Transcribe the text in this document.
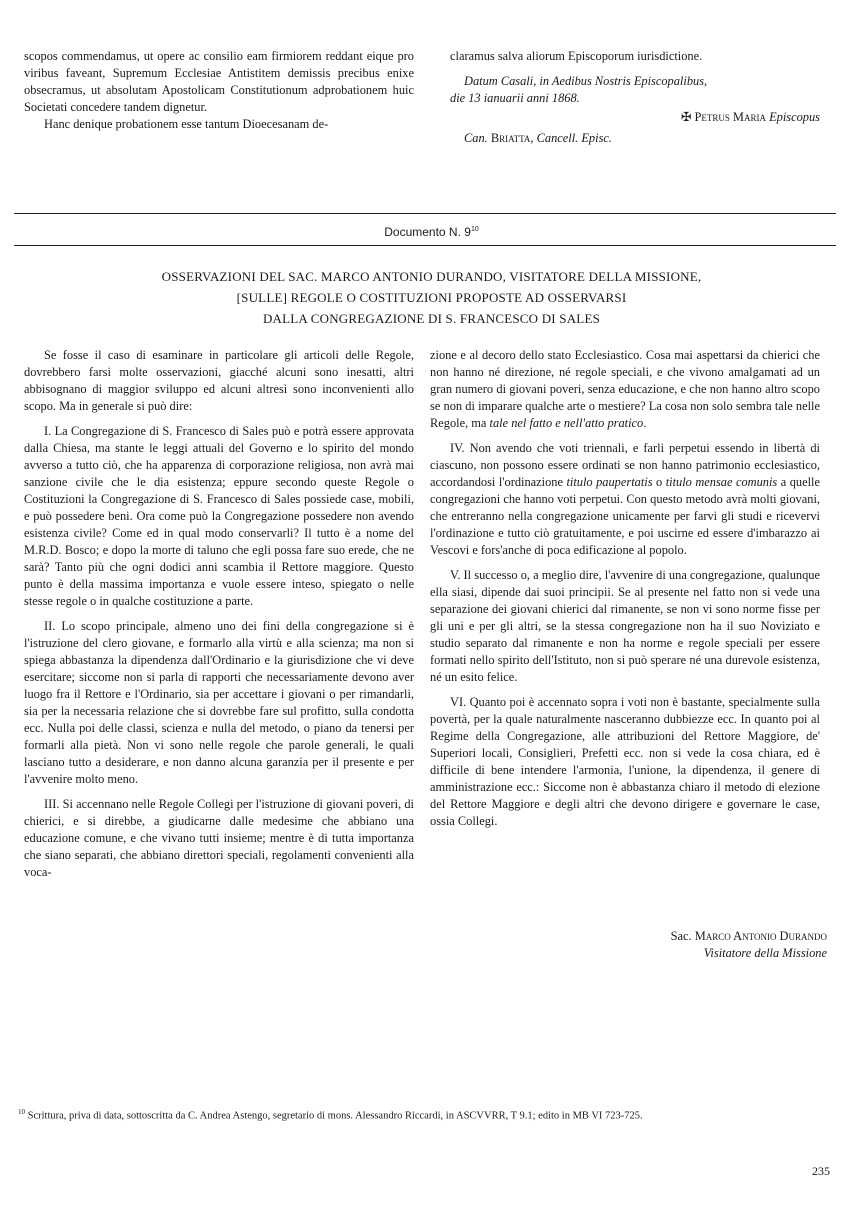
scopos commendamus, ut opere ac consilio eam firmiorem reddant eique pro viribus faveant, Supremum Ecclesiae Antistitem demissis precibus enixe obsecramus, ut absolutam Apostolicam Constitutionum adprobationem huic Societati concedere tandem dignetur.

Hanc denique probationem esse tantum Dioecesanam de-

claramus salva aliorum Episcoporum iurisdictione.
Datum Casali, in Aedibus Nostris Episcopalibus,
die 13 ianuarii anni 1868.
✠ Petrus Maria Episcopus
Can. Briatta, Cancell. Episc.
Documento N. $9^{10}$
OSSERVAZIONI DEL SAC. MARCO ANTONIO DURANDO, VISITATORE DELLA MISSIONE,
[SULLE] REGOLE O COSTITUZIONI PROPOSTE AD OSSERVARSI
DALLA CONGREGAZIONE DI S. FRANCESCO DI SALES

Se fosse il caso di esaminare in particolare gli articoli delle Regole, dovrebbero farsi molte osservazioni, giacché alcuni sono inesatti, altri abbisognano di maggior sviluppo ed alcuni altresì sono inconvenienti allo scopo. Ma in generale si può dire:

I. La Congregazione di S. Francesco di Sales può e potrà essere approvata dalla Chiesa, ma stante le leggi attuali del Governo e lo spirito del mondo avverso a tutto ciò, che ha apparenza di corporazione religiosa, non avrà mai sanzione civile che le dia esistenza; eppure secondo queste Regole o Costituzioni la Congregazione di S. Francesco di Sales possiede case, mobili, e può possedere beni. Ora come può la Congregazione possedere non avendo esistenza civile? Come ed in qual modo conservarli? Il tutto è a nome del M.R.D. Bosco; e dopo la morte di taluno che egli possa fare suo erede, che ne sarà? Tanto più che ogni dodici anni scambia il Rettore maggiore. Questo punto è della massima importanza e vuole essere inteso, spiegato o nelle stesse regole o in qualche costituzione a parte.

II. Lo scopo principale, almeno uno dei fini della congregazione si è l'istruzione del clero giovane, e formarlo alla virtù e alla scienza; ma non si spiega abbastanza la dipendenza dall'Ordinario e la giurisdizione che vi deve esercitare; siccome non si parla di rapporti che necessariamente devono aver luogo fra il Rettore e l'Ordinario, sia per accettare i giovani o per rimandarli, sia per la necessaria relazione che si dovrebbe fare sul profitto, sulla condotta ecc. Nulla poi delle classi, scienza e nulla del metodo, o piano da tenersi per formarli alla pietà. Non vi sono nelle regole che parole generali, le quali lasciano tutto a desiderare, e non danno alcuna garanzia per il presente e per l'avvenire molto meno.

III. Si accennano nelle Regole Collegi per l'istruzione di giovani poveri, di chierici, e si direbbe, a giudicarne dalle medesime che abbiano una educazione comune, e che vivano tutti insieme; mentre è di tutta importanza che siano separati, che abbiano direttori speciali, regolamenti convenienti alla voca-

zione e al decoro dello stato Ecclesiastico. Cosa mai aspettarsi da chierici che non hanno né direzione, né regole speciali, e che vivono amalgamati ad un gran numero di giovani poveri, senza educazione, e che non hanno altro scopo se non di imparare qualche arte o mestiere? La cosa non solo sembra tale nelle Regole, ma tale nel fatto e nell'atto pratico.

IV. Non avendo che voti triennali, e farli perpetui essendo in libertà di ciascuno, non possono essere ordinati se non hanno patrimonio ecclesiastico, accordandosi l'ordinazione titulo paupertatis o titulo mensae comunis a quelle congregazioni che hanno voti perpetui. Con questo metodo avrà molti giovani, che entreranno nella congregazione unicamente per farvi gli studi e ricevervi l'ordinazione e tutto ciò gratuitamente, e poi uscirne ed essere d'imbarazzo ai Vescovi e fors'anche di poca edificazione al popolo.

V. Il successo o, a meglio dire, l'avvenire di una congregazione, qualunque ella siasi, dipende dai suoi principii. Se al presente nel fatto non si vede una separazione dei giovani chierici dal rimanente, se non vi sono norme fisse per gli uni e per gli altri, se la stessa congregazione non ha il suo Noviziato e studio separato dal rimanente e non ha norme e regole speciali per essere formati nello spirito dell'Istituto, non si può sperare né una durevole esistenza, né un esito felice.

VI. Quanto poi è accennato sopra i voti non è bastante, specialmente sulla povertà, per la quale naturalmente nasceranno dubbiezze ecc. In quanto poi al Regime della Congregazione, alle attribuzioni del Rettore Maggiore, de' Superiori locali, Consiglieri, Prefetti ecc. non si vede la cosa chiara, ed è difficile di bene intendere l'armonia, l'unione, la dipendenza, il genere di amministrazione ecc.: Siccome non è abbastanza chiaro il metodo di elezione del Rettore Maggiore e degli altri che devono dirigere e governare le case, ossia Collegi.

Sac. Marco Antonio Durando
Visitatore della Missione
$^{10}$ Scrittura, priva di data, sottoscritta da C. Andrea Astengo, segretario di mons. Alessandro Riccardi, in ASCVVRR, T 9.1; edito in MB VI 723-725.
235
